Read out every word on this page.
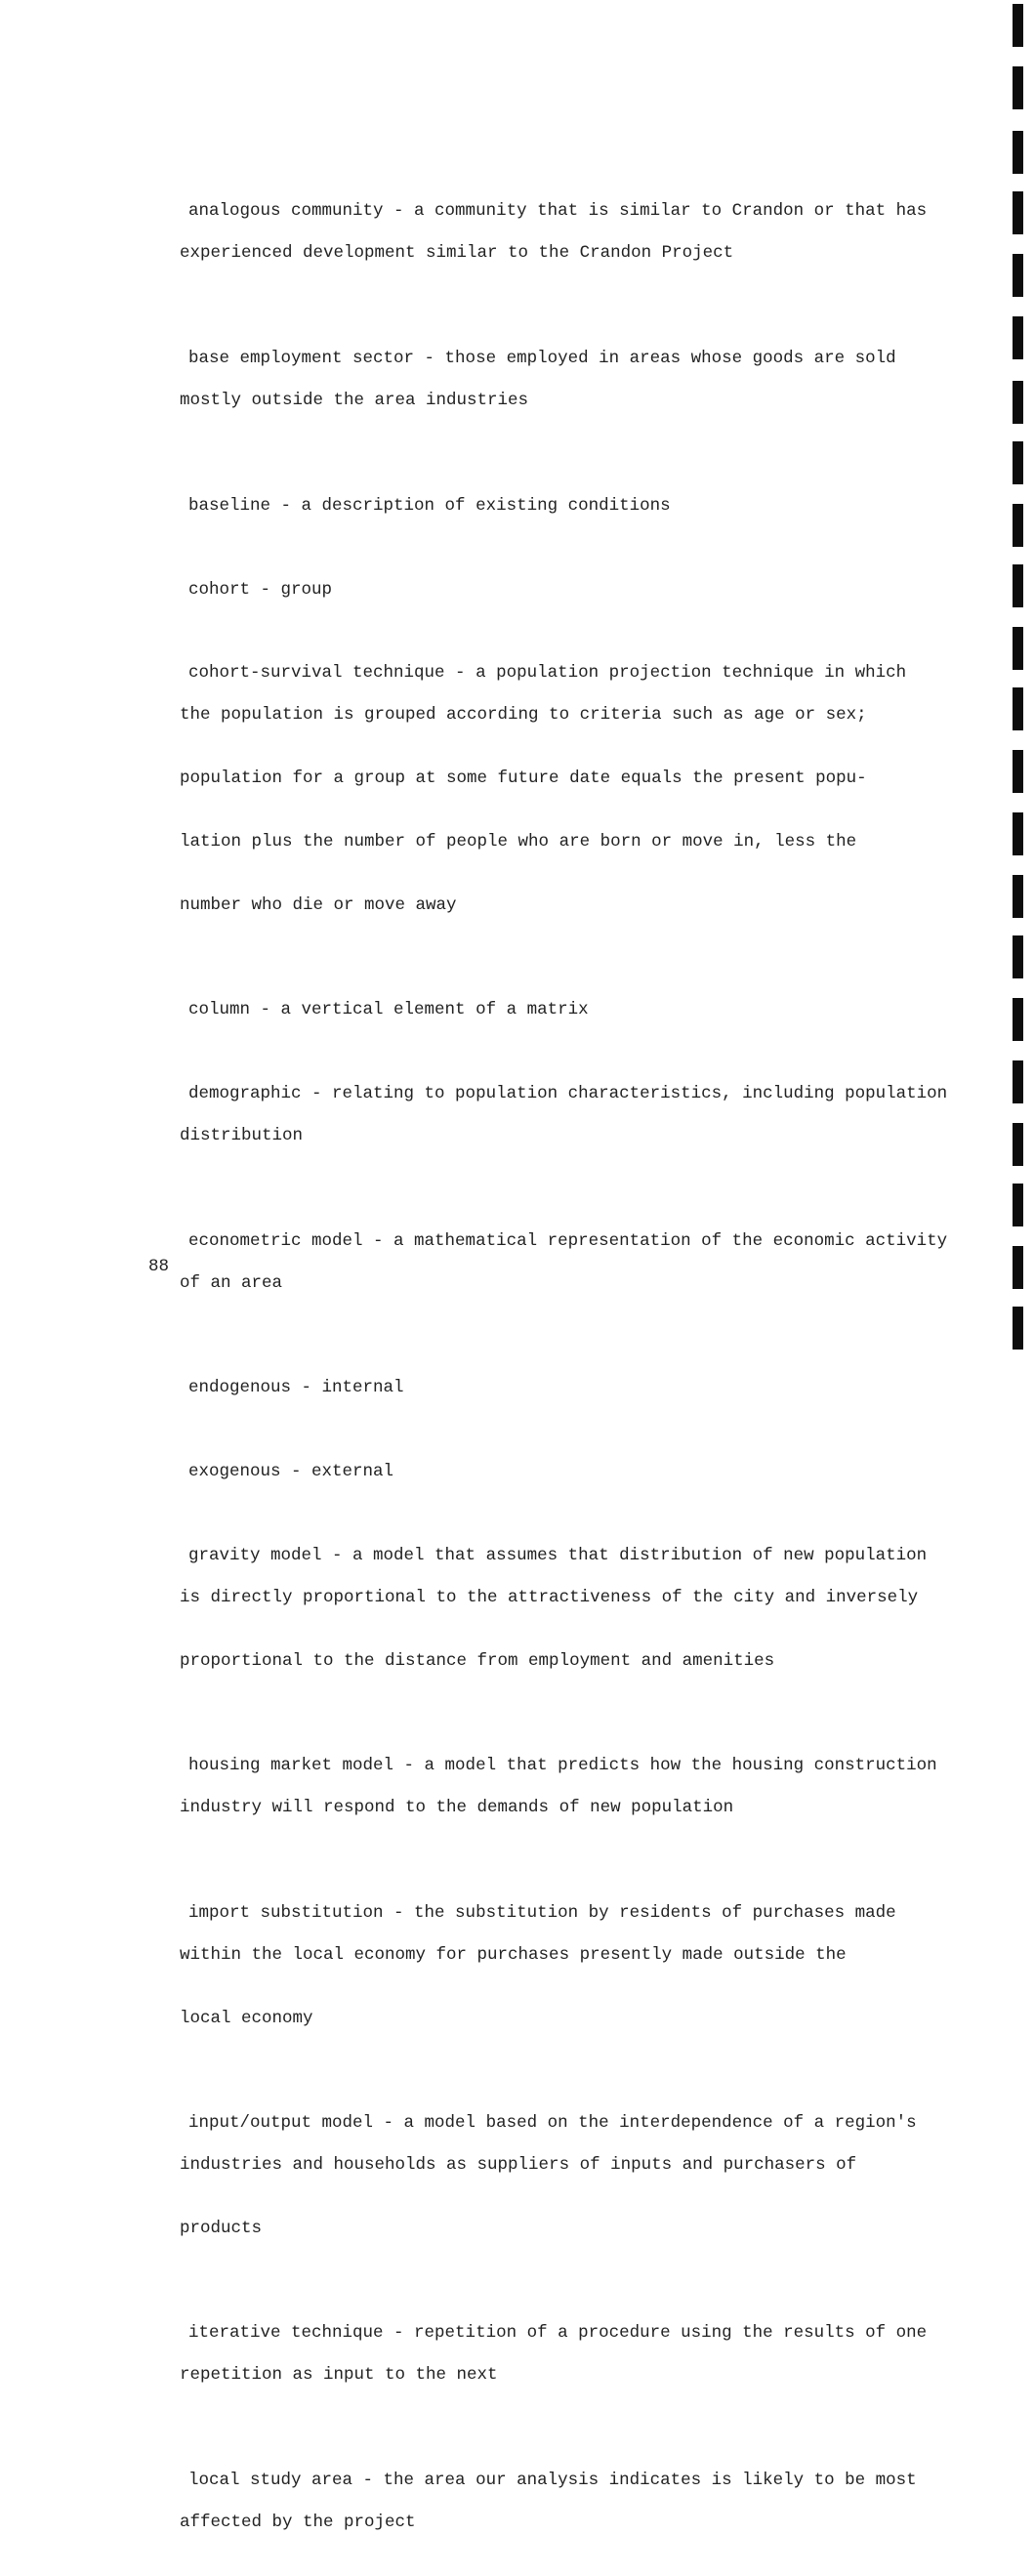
analogous community - a community that is similar to Crandon or that has

experienced development similar to the Crandon Project

base employment sector - those employed in areas whose goods are sold

mostly outside the area industries

baseline - a description of existing conditions

cohort - group

cohort-survival technique - a population projection technique in which

the population is grouped according to criteria such as age or sex;

population for a group at some future date equals the present popu-

lation plus the number of people who are born or move in, less the

number who die or move away

column - a vertical element of a matrix

demographic - relating to population characteristics, including population

distribution

econometric model - a mathematical representation of the economic activity

of an area

endogenous - internal

exogenous - external

gravity model - a model that assumes that distribution of new population

is directly proportional to the attractiveness of the city and inversely

proportional to the distance from employment and amenities

housing market model - a model that predicts how the housing construction

industry will respond to the demands of new population

import substitution - the substitution by residents of purchases made

within the local economy for purchases presently made outside the

local economy

input/output model - a model based on the interdependence of a region's

industries and households as suppliers of inputs and purchasers of

products

iterative technique - repetition of a procedure using the results of one

repetition as input to the next

local study area - the area our analysis indicates is likely to be most

affected by the project

88
